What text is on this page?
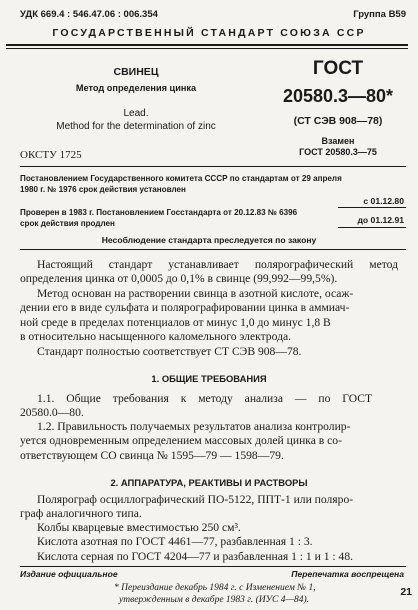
УДК 669.4 : 546.47.06 : 006.354	Группа В59
ГОСУДАРСТВЕННЫЙ СТАНДАРТ СОЮЗА ССР
СВИНЕЦ
Метод определения цинка
Lead.
Method for the determination of zinc
ГОСТ
20580.3—80*
(СТ СЭВ 908—78)
Взамен
ГОСТ 20580.3—75
ОКСТУ 1725
Постановлением Государственного комитета СССР по стандартам от 29 апреля
1980 г. № 1976 срок действия установлен
с 01.12.80
Проверен в 1983 г. Постановлением Госстандарта от 20.12.83 № 6396
срок действия продлен	до 01.12.91
Несоблюдение стандарта преследуется по закону
Настоящий стандарт устанавливает полярографический метод
определения цинка от 0,0005 до 0,1% в свинце (99,992—99,5%).
Метод основан на растворении свинца в азотной кислоте, осаж-
дении его в виде сульфата и полярографировании цинка в аммиач-
ной среде в пределах потенциалов от минус 1,0 до минус 1,8 В
в относительно насыщенного каломельного электрода.
Стандарт полностью соответствует СТ СЭВ 908—78.
1. ОБЩИЕ ТРЕБОВАНИЯ
1.1. Общие требования к методу анализа — по ГОСТ
20580.0—80.
1.2. Правильность получаемых результатов анализа контролир-
уется одновременным определением массовых долей цинка в со-
ответствующем СО свинца № 1595—79 — 1598—79.
2. АППАРАТУРА, РЕАКТИВЫ И РАСТВОРЫ
Полярограф осциллографический ПО-5122, ППТ-1 или поляро-
граф аналогичного типа.
Колбы кварцевые вместимостью 250 см³.
Кислота азотная по ГОСТ 4461—77, разбавленная 1 : 3.
Кислота серная по ГОСТ 4204—77 и разбавленная 1 : 1 и 1 : 48.
Издание официальное	Перепечатка воспрещена
* Переиздание декабрь 1984 г. с Изменением № 1,
утвержденным в декабре 1983 г. (ИУС 4—84).
21
